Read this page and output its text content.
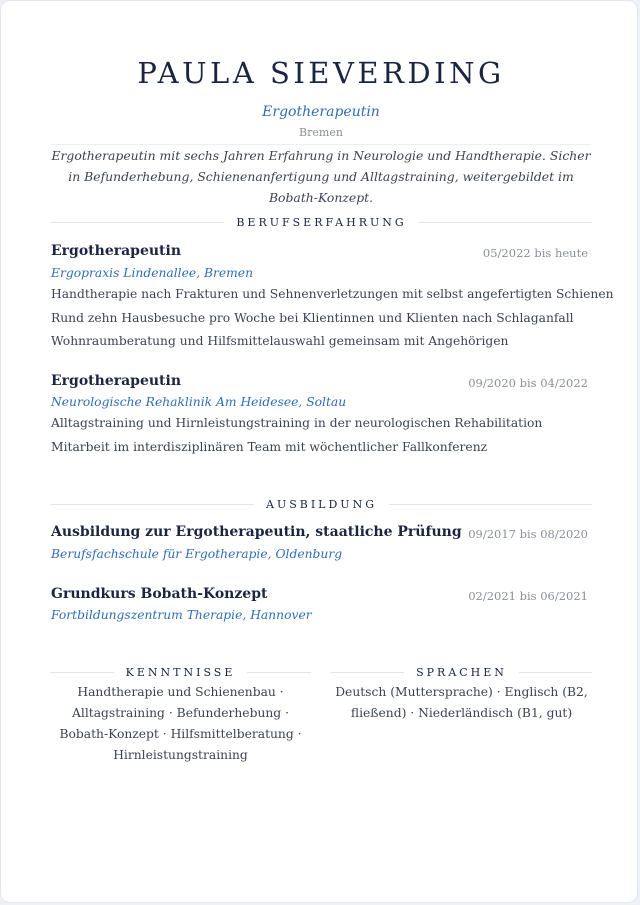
PAULA SIEVERDING
Ergotherapeutin
Bremen
Ergotherapeutin mit sechs Jahren Erfahrung in Neurologie und Handtherapie. Sicher in Befunderhebung, Schienenanfertigung und Alltagstraining, weitergebildet im Bobath-Konzept.
BERUFSERFAHRUNG
Ergotherapeutin	05/2022 bis heute
Ergopraxis Lindenallee, Bremen
Handtherapie nach Frakturen und Sehnenverletzungen mit selbst angefertigten Schienen
Rund zehn Hausbesuche pro Woche bei Klientinnen und Klienten nach Schlaganfall
Wohnraumberatung und Hilfsmittelauswahl gemeinsam mit Angehörigen
Ergotherapeutin	09/2020 bis 04/2022
Neurologische Rehaklinik Am Heidesee, Soltau
Alltagstraining und Hirnleistungstraining in der neurologischen Rehabilitation
Mitarbeit im interdisziplinären Team mit wöchentlicher Fallkonferenz
AUSBILDUNG
Ausbildung zur Ergotherapeutin, staatliche Prüfung 09/2017 bis 08/2020
Berufsfachschule für Ergotherapie, Oldenburg
Grundkurs Bobath-Konzept	02/2021 bis 06/2021
Fortbildungszentrum Therapie, Hannover
KENNTNISSE
Handtherapie und Schienenbau · Alltagstraining · Befunderhebung · Bobath-Konzept · Hilfsmittelberatung · Hirnleistungstraining
SPRACHEN
Deutsch (Muttersprache) · Englisch (B2, fließend) · Niederländisch (B1, gut)
